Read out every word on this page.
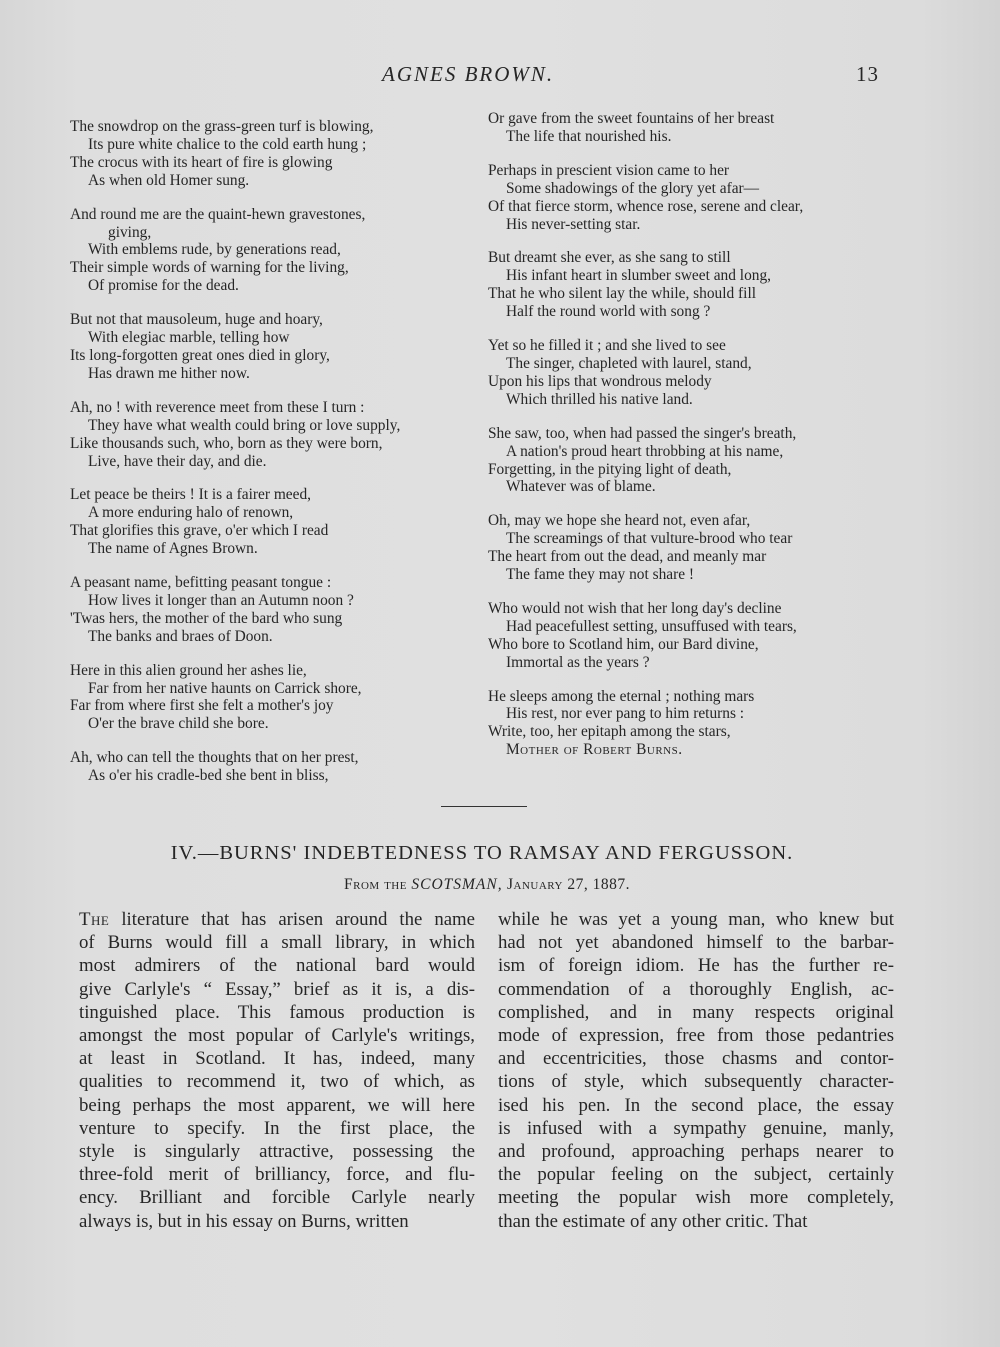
AGNES BROWN.	13
The snowdrop on the grass-green turf is blowing,
Its pure white chalice to the cold earth hung ;
The crocus with its heart of fire is glowing
As when old Homer sung.
And round me are the quaint-hewn gravestones,
giving,
With emblems rude, by generations read,
Their simple words of warning for the living,
Of promise for the dead.
But not that mausoleum, huge and hoary,
With elegiac marble, telling how
Its long-forgotten great ones died in glory,
Has drawn me hither now.
Ah, no ! with reverence meet from these I turn :
They have what wealth could bring or love supply,
Like thousands such, who, born as they were born,
Live, have their day, and die.
Let peace be theirs ! It is a fairer meed,
A more enduring halo of renown,
That glorifies this grave, o'er which I read
The name of Agnes Brown.
A peasant name, befitting peasant tongue :
How lives it longer than an Autumn noon ?
'Twas hers, the mother of the bard who sung
The banks and braes of Doon.
Here in this alien ground her ashes lie,
Far from her native haunts on Carrick shore,
Far from where first she felt a mother's joy
O'er the brave child she bore.
Ah, who can tell the thoughts that on her prest,
As o'er his cradle-bed she bent in bliss,
Or gave from the sweet fountains of her breast
The life that nourished his.
Perhaps in prescient vision came to her
Some shadowings of the glory yet afar—
Of that fierce storm, whence rose, serene and clear,
His never-setting star.
But dreamt she ever, as she sang to still
His infant heart in slumber sweet and long,
That he who silent lay the while, should fill
Half the round world with song ?
Yet so he filled it ; and she lived to see
The singer, chapleted with laurel, stand,
Upon his lips that wondrous melody
Which thrilled his native land.
She saw, too, when had passed the singer's breath,
A nation's proud heart throbbing at his name,
Forgetting, in the pitying light of death,
Whatever was of blame.
Oh, may we hope she heard not, even afar,
The screamings of that vulture-brood who tear
The heart from out the dead, and meanly mar
The fame they may not share !
Who would not wish that her long day's decline
Had peacefullest setting, unsuffused with tears,
Who bore to Scotland him, our Bard divine,
Immortal as the years ?
He sleeps among the eternal ; nothing mars
His rest, nor ever pang to him returns :
Write, too, her epitaph among the stars,
Mother of Robert Burns.
IV.—BURNS' INDEBTEDNESS TO RAMSAY AND FERGUSSON.
From the SCOTSMAN, January 27, 1887.
The literature that has arisen around the name
of Burns would fill a small library, in which
most admirers of the national bard would
give Carlyle's “ Essay,” brief as it is, a dis-
tinguished place. This famous production is
amongst the most popular of Carlyle's writings,
at least in Scotland. It has, indeed, many
qualities to recommend it, two of which, as
being perhaps the most apparent, we will here
venture to specify. In the first place, the
style is singularly attractive, possessing the
three-fold merit of brilliancy, force, and flu-
ency. Brilliant and forcible Carlyle nearly
always is, but in his essay on Burns, written
while he was yet a young man, who knew but
had not yet abandoned himself to the barbar-
ism of foreign idiom. He has the further re-
commendation of a thoroughly English, ac-
complished, and in many respects original
mode of expression, free from those pedantries
and eccentricities, those chasms and contor-
tions of style, which subsequently character-
ised his pen. In the second place, the essay
is infused with a sympathy genuine, manly,
and profound, approaching perhaps nearer to
the popular feeling on the subject, certainly
meeting the popular wish more completely,
than the estimate of any other critic. That
